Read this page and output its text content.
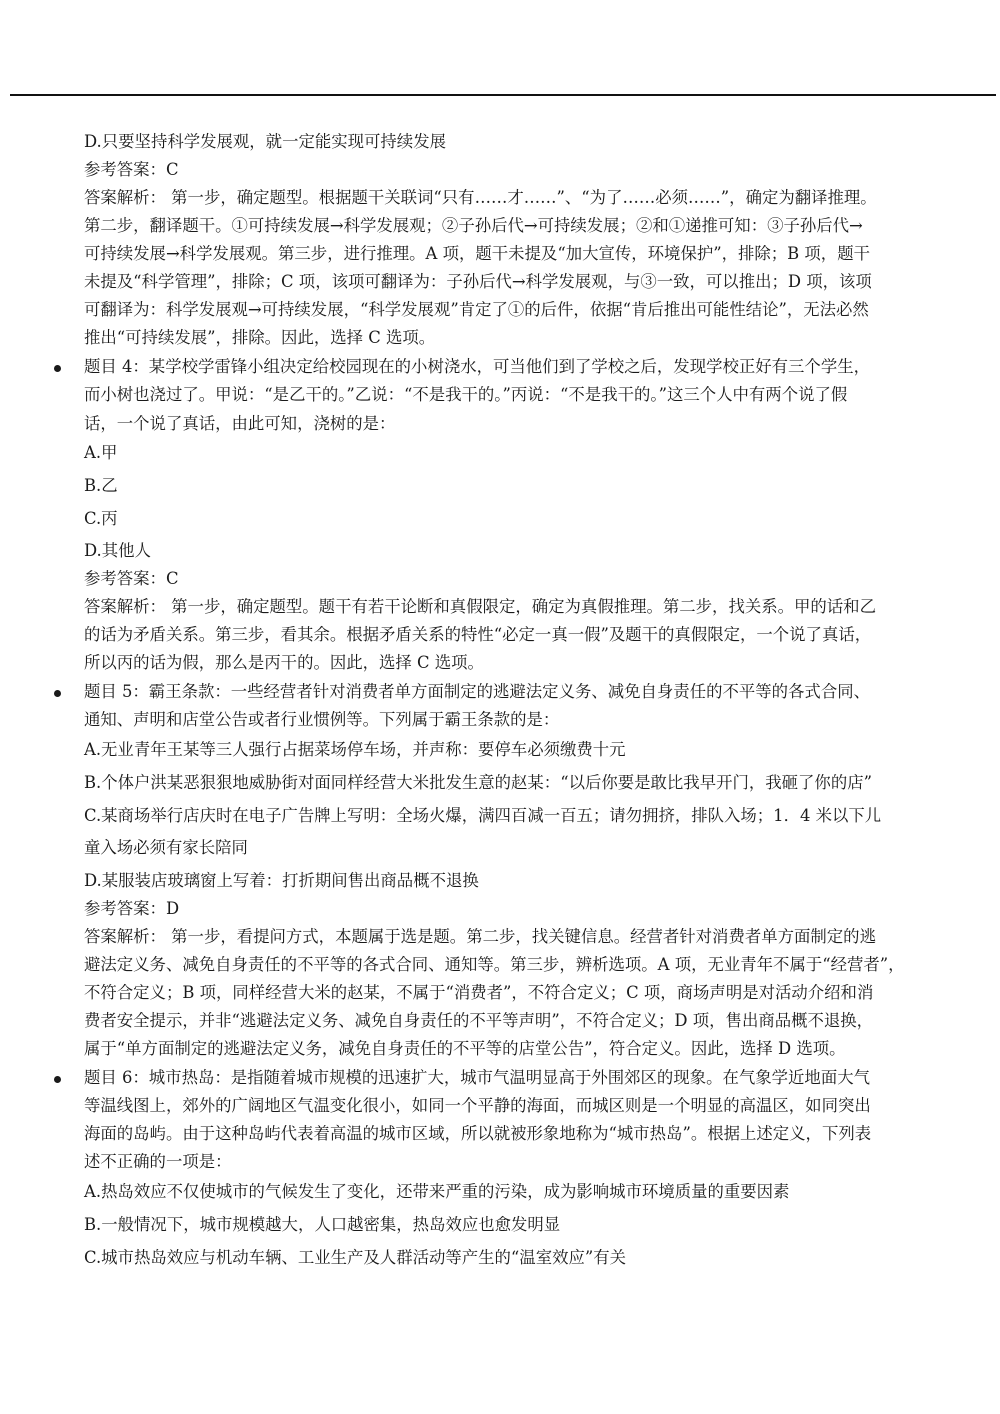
D.只要坚持科学发展观，就一定能实现可持续发展
参考答案：C
答案解析： 第一步，确定题型。根据题干关联词“只有……才……”、“为了……必须……”，确定为翻译推理。
第二步，翻译题干。①可持续发展→科学发展观；②子孙后代→可持续发展；②和①递推可知：③子孙后代→
可持续发展→科学发展观。第三步，进行推理。A 项，题干未提及“加大宣传，环境保护”，排除；B 项，题干
未提及“科学管理”，排除；C 项，该项可翻译为：子孙后代→科学发展观，与③一致，可以推出；D 项，该项
可翻译为：科学发展观→可持续发展，“科学发展观”肯定了①的后件，依据“肯后推出可能性结论”，无法必然
推出“可持续发展”，排除。因此，选择 C 选项。
题目 4：某学校学雷锋小组决定给校园现在的小树浇水，可当他们到了学校之后，发现学校正好有三个学生，
而小树也浇过了。甲说：“是乙干的。”乙说：“不是我干的。”丙说：“不是我干的。”这三个人中有两个说了假
话，一个说了真话，由此可知，浇树的是：
A.甲
B.乙
C.丙
D.其他人
参考答案：C
答案解析： 第一步，确定题型。题干有若干论断和真假限定，确定为真假推理。第二步，找关系。甲的话和乙
的话为矛盾关系。第三步，看其余。根据矛盾关系的特性“必定一真一假”及题干的真假限定，一个说了真话，
所以丙的话为假，那么是丙干的。因此，选择 C 选项。
题目 5：霸王条款：一些经营者针对消费者单方面制定的逃避法定义务、减免自身责任的不平等的各式合同、
通知、声明和店堂公告或者行业惯例等。下列属于霸王条款的是：
A.无业青年王某等三人强行占据菜场停车场，并声称：要停车必须缴费十元
B.个体户洪某恶狠狠地威胁街对面同样经营大米批发生意的赵某：“以后你要是敢比我早开门，我砸了你的店”
C.某商场举行店庆时在电子广告牌上写明：全场火爆，满四百减一百五；请勿拥挤，排队入场；1．4 米以下儿
童入场必须有家长陪同
D.某服装店玻璃窗上写着：打折期间售出商品概不退换
参考答案：D
答案解析： 第一步，看提问方式，本题属于选是题。第二步，找关键信息。经营者针对消费者单方面制定的逃
避法定义务、减免自身责任的不平等的各式合同、通知等。第三步，辨析选项。A 项，无业青年不属于“经营者”，
不符合定义；B 项，同样经营大米的赵某，不属于“消费者”，不符合定义；C 项，商场声明是对活动介绍和消
费者安全提示，并非“逃避法定义务、减免自身责任的不平等声明”，不符合定义；D 项，售出商品概不退换，
属于“单方面制定的逃避法定义务，减免自身责任的不平等的店堂公告”，符合定义。因此，选择 D 选项。
题目 6：城市热岛：是指随着城市规模的迅速扩大，城市气温明显高于外围郊区的现象。在气象学近地面大气
等温线图上，郊外的广阔地区气温变化很小，如同一个平静的海面，而城区则是一个明显的高温区，如同突出
海面的岛屿。由于这种岛屿代表着高温的城市区域，所以就被形象地称为“城市热岛”。根据上述定义，下列表
述不正确的一项是：
A.热岛效应不仅使城市的气候发生了变化，还带来严重的污染，成为影响城市环境质量的重要因素
B.一般情况下，城市规模越大，人口越密集，热岛效应也愈发明显
C.城市热岛效应与机动车辆、工业生产及人群活动等产生的“温室效应”有关
